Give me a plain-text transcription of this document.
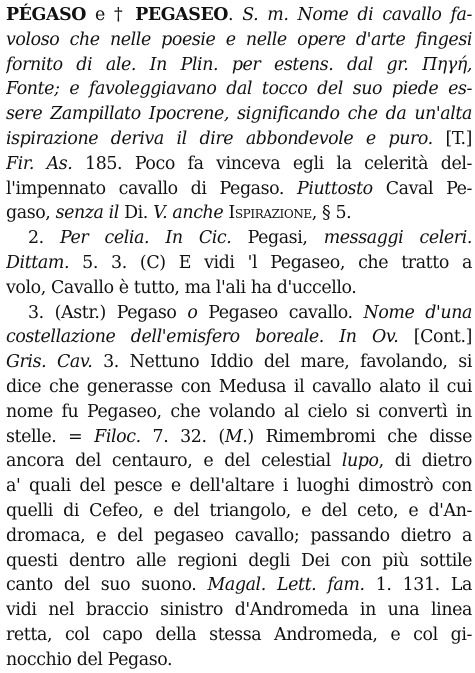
PÉGASO e † PEGASEO. S. m. Nome di cavallo fa-
voloso che nelle poesie e nelle opere d'arte fingesi
fornito di ale. In Plin. per estens. dal gr. Πηγή,
Fonte; e favoleggiavano dal tocco del suo piede es-
sere Zampillato Ipocrene, significando che da un'alta
ispirazione deriva il dire abbondevole e puro. [T.]
Fir. As. 185. Poco fa vinceva egli la celerità del-
l'impennato cavallo di Pegaso. Piuttosto Caval Pe-
gaso, senza il Di. V. anche Ispirazione, § 5.
2. Per celia. In Cic. Pegasi, messaggi celeri.
Dittam. 5. 3. (C) E vidi 'l Pegaseo, che tratto a
volo, Cavallo è tutto, ma l'ali ha d'uccello.
3. (Astr.) Pegaso o Pegaseo cavallo. Nome d'una
costellazione dell'emisfero boreale. In Ov. [Cont.]
Gris. Cav. 3. Nettuno Iddio del mare, favolando, si
dice che generasse con Medusa il cavallo alato il cui
nome fu Pegaseo, che volando al cielo si convertì in
stelle. = Filoc. 7. 32. (M.) Rimembromi che disse
ancora del centauro, e del celestial lupo, di dietro
a' quali del pesce e dell'altare i luoghi dimostrò con
quelli di Cefeo, e del triangolo, e del ceto, e d'An-
dromaca, e del pegaseo cavallo; passando dietro a
questi dentro alle regioni degli Dei con più sottile
canto del suo suono. Magal. Lett. fam. 1. 131. La
vidi nel braccio sinistro d'Andromeda in una linea
retta, col capo della stessa Andromeda, e col gi-
nocchio del Pegaso.
